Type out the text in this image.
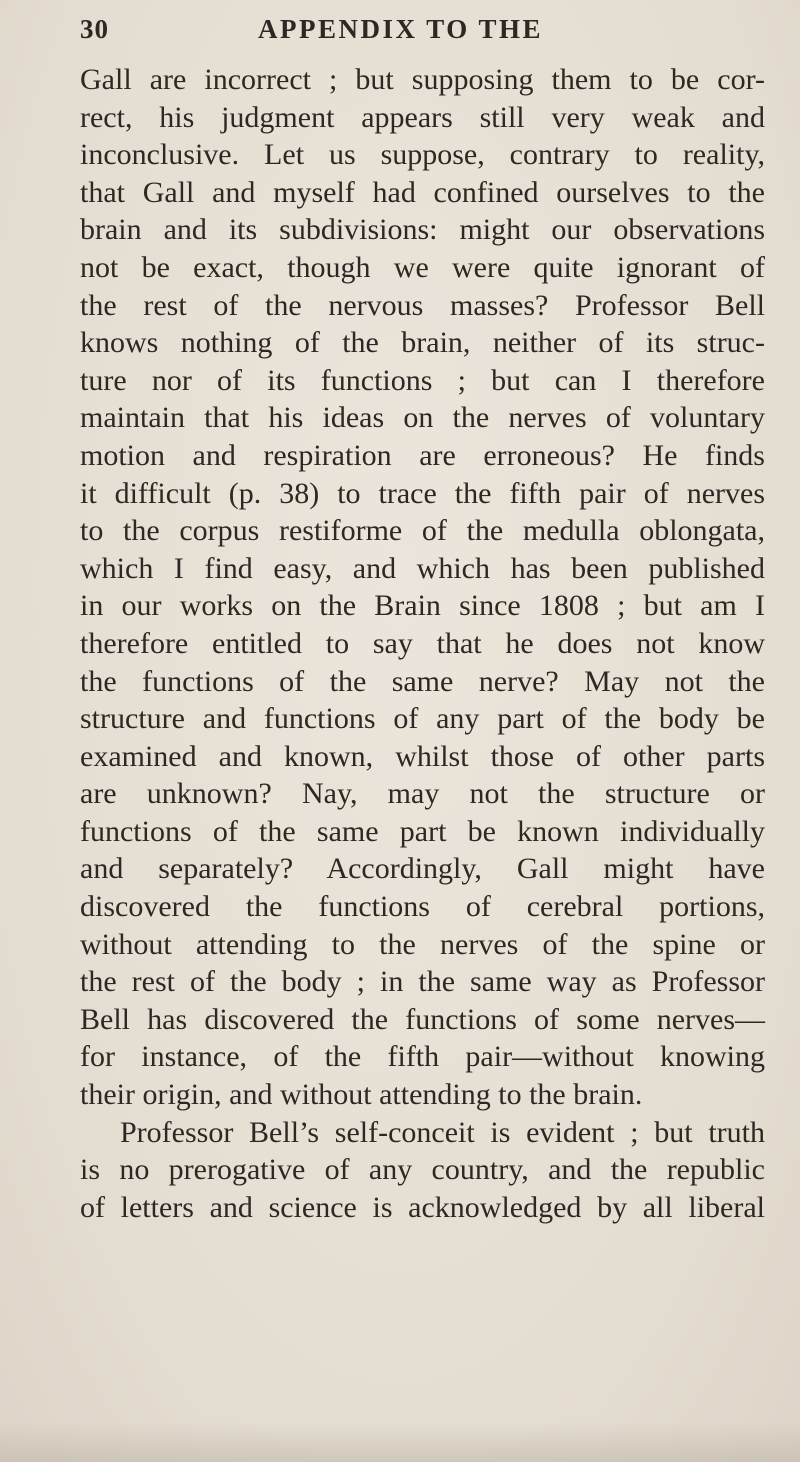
30	APPENDIX TO THE
Gall are incorrect ; but supposing them to be cor-
rect, his judgment appears still very weak and
inconclusive. Let us suppose, contrary to reality,
that Gall and myself had confined ourselves to the
brain and its subdivisions: might our observations
not be exact, though we were quite ignorant of
the rest of the nervous masses? Professor Bell
knows nothing of the brain, neither of its struc-
ture nor of its functions ; but can I therefore
maintain that his ideas on the nerves of voluntary
motion and respiration are erroneous? He finds
it difficult (p. 38) to trace the fifth pair of nerves
to the corpus restiforme of the medulla oblongata,
which I find easy, and which has been published
in our works on the Brain since 1808 ; but am I
therefore entitled to say that he does not know
the functions of the same nerve? May not the
structure and functions of any part of the body be
examined and known, whilst those of other parts
are unknown? Nay, may not the structure or
functions of the same part be known individually
and separately? Accordingly, Gall might have
discovered the functions of cerebral portions,
without attending to the nerves of the spine or
the rest of the body ; in the same way as Professor
Bell has discovered the functions of some nerves—
for instance, of the fifth pair—without knowing
their origin, and without attending to the brain.
Professor Bell’s self-conceit is evident ; but truth
is no prerogative of any country, and the republic
of letters and science is acknowledged by all liberal
